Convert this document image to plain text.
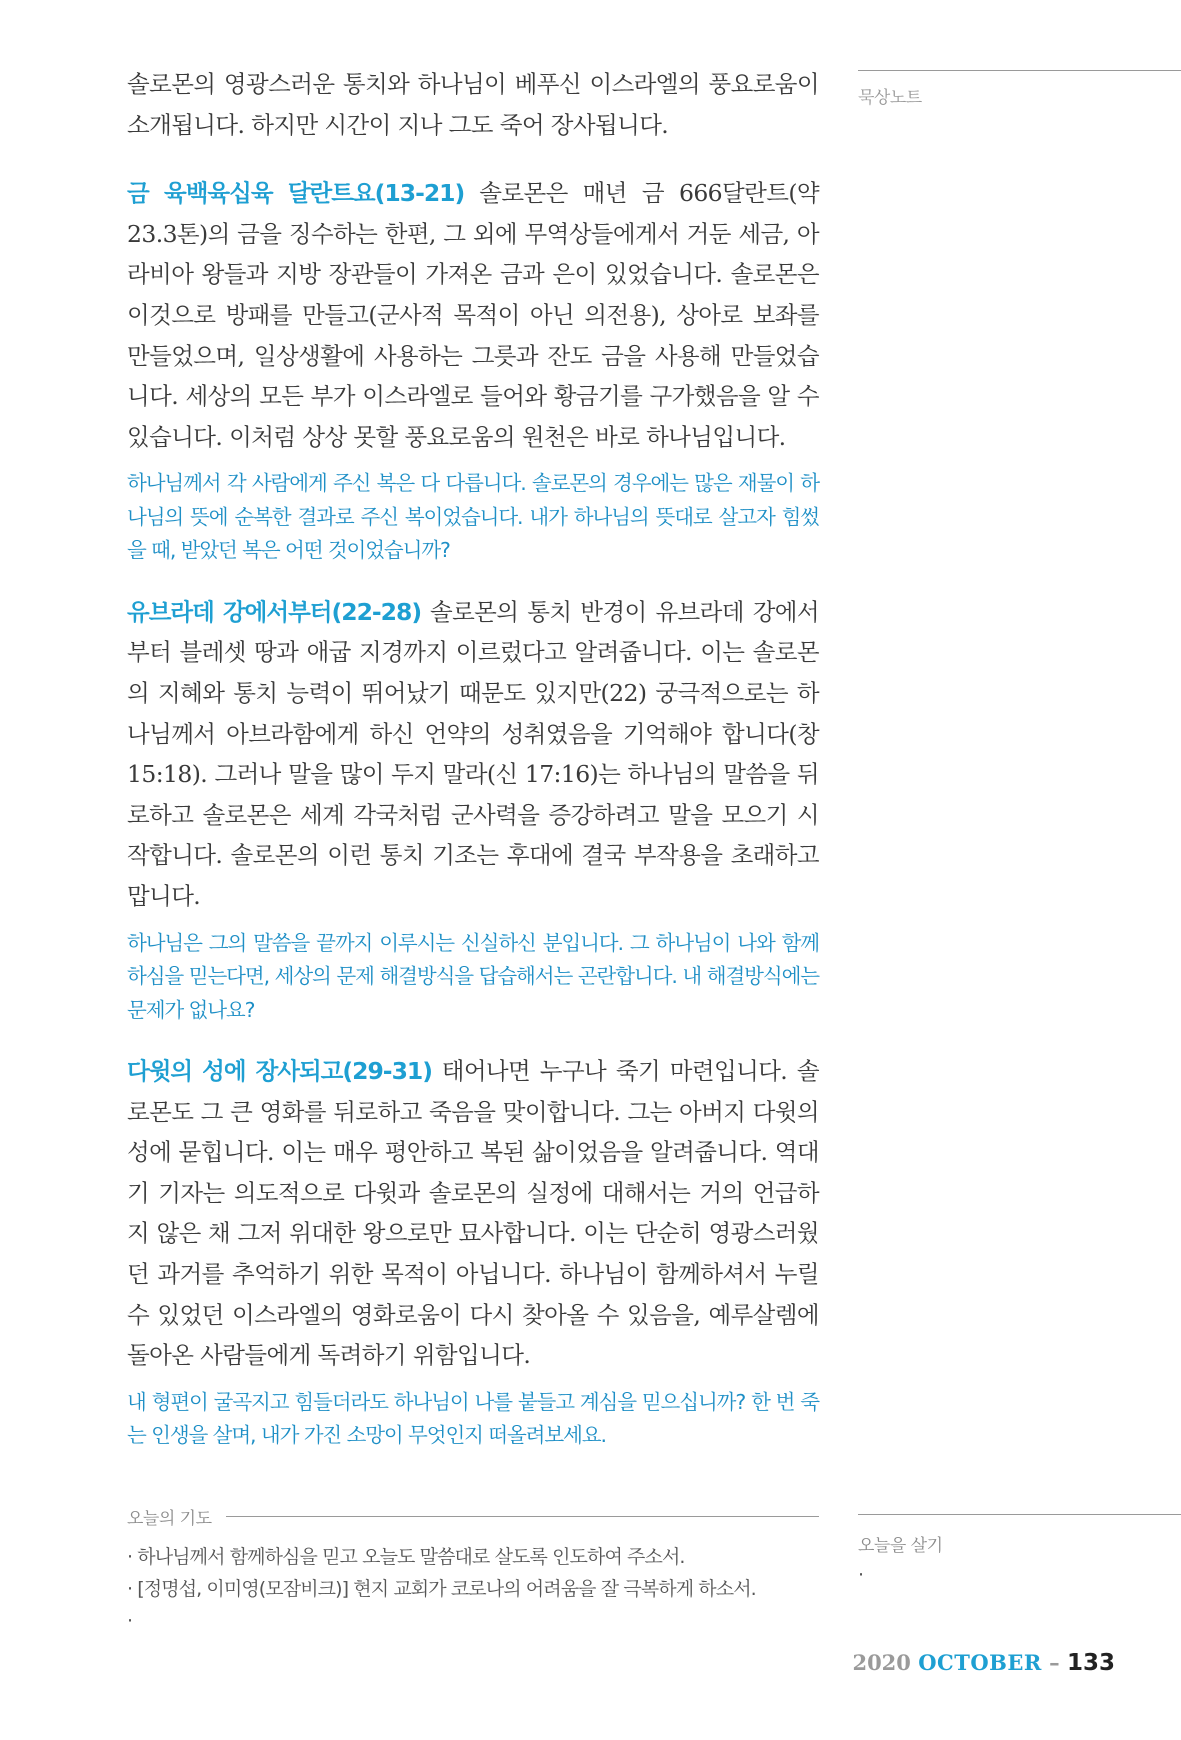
솔로몬의 영광스러운 통치와 하나님이 베푸신 이스라엘의 풍요로움이 소개됩니다. 하지만 시간이 지나 그도 죽어 장사됩니다.

금 육백육십육 달란트요(13-21) 솔로몬은 매년 금 666달란트(약 23.3톤)의 금을 징수하는 한편, 그 외에 무역상들에게서 거둔 세금, 아라비아 왕들과 지방 장관들이 가져온 금과 은이 있었습니다. 솔로몬은 이것으로 방패를 만들고(군사적 목적이 아닌 의전용), 상아로 보좌를 만들었으며, 일상생활에 사용하는 그릇과 잔도 금을 사용해 만들었습니다. 세상의 모든 부가 이스라엘로 들어와 황금기를 구가했음을 알 수 있습니다. 이처럼 상상 못할 풍요로움의 원천은 바로 하나님입니다.

하나님께서 각 사람에게 주신 복은 다 다릅니다. 솔로몬의 경우에는 많은 재물이 하나님의 뜻에 순복한 결과로 주신 복이었습니다. 내가 하나님의 뜻대로 살고자 힘썼을 때, 받았던 복은 어떤 것이었습니까?

유브라데 강에서부터(22-28) 솔로몬의 통치 반경이 유브라데 강에서부터 블레셋 땅과 애굽 지경까지 이르렀다고 알려줍니다. 이는 솔로몬의 지혜와 통치 능력이 뛰어났기 때문도 있지만(22) 궁극적으로는 하나님께서 아브라함에게 하신 언약의 성취였음을 기억해야 합니다(창 15:18). 그러나 말을 많이 두지 말라(신 17:16)는 하나님의 말씀을 뒤로하고 솔로몬은 세계 각국처럼 군사력을 증강하려고 말을 모으기 시작합니다. 솔로몬의 이런 통치 기조는 후대에 결국 부작용을 초래하고 맙니다.

하나님은 그의 말씀을 끝까지 이루시는 신실하신 분입니다. 그 하나님이 나와 함께하심을 믿는다면, 세상의 문제 해결방식을 답습해서는 곤란합니다. 내 해결방식에는 문제가 없나요?

다윗의 성에 장사되고(29-31) 태어나면 누구나 죽기 마련입니다. 솔로몬도 그 큰 영화를 뒤로하고 죽음을 맞이합니다. 그는 아버지 다윗의 성에 묻힙니다. 이는 매우 평안하고 복된 삶이었음을 알려줍니다. 역대기 기자는 의도적으로 다윗과 솔로몬의 실정에 대해서는 거의 언급하지 않은 채 그저 위대한 왕으로만 묘사합니다. 이는 단순히 영광스러웠던 과거를 추억하기 위한 목적이 아닙니다. 하나님이 함께하셔서 누릴 수 있었던 이스라엘의 영화로움이 다시 찾아올 수 있음을, 예루살렘에 돌아온 사람들에게 독려하기 위함입니다.

내 형편이 굴곡지고 힘들더라도 하나님이 나를 붙들고 계심을 믿으십니까? 한 번 죽는 인생을 살며, 내가 가진 소망이 무엇인지 떠올려보세요.
묵상노트
오늘의 기도
· 하나님께서 함께하심을 믿고 오늘도 말씀대로 살도록 인도하여 주소서.
· [정명섭, 이미영(모잠비크)] 현지 교회가 코로나의 어려움을 잘 극복하게 하소서.
·
오늘을 살기
·
2020 OCTOBER – 133
